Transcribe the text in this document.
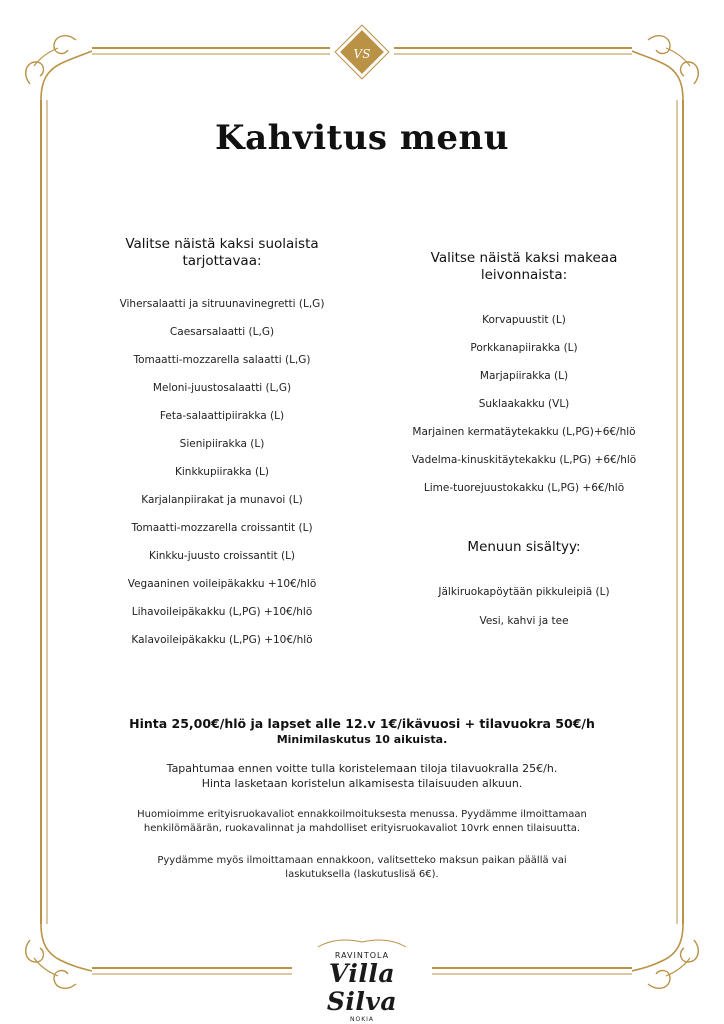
VS
Kahvitus menu

Valitse näistä kaksi suolaista
tarjottavaa:

Vihersalaatti ja sitruunavinegretti (L,G)
Caesarsalaatti (L,G)
Tomaatti-mozzarella salaatti (L,G)
Meloni-juustosalaatti (L,G)
Feta-salaattipiirakka (L)
Sienipiirakka (L)
Kinkkupiirakka (L)
Karjalanpiirakat ja munavoi (L)
Tomaatti-mozzarella croissantit (L)
Kinkku-juusto croissantit (L)
Vegaaninen voileipäkakku +10€/hlö
Lihavoileipäkakku (L,PG) +10€/hlö
Kalavoileipäkakku (L,PG) +10€/hlö

Valitse näistä kaksi makeaa
leivonnaista:

Korvapuustit (L)
Porkkanapiirakka (L)
Marjapiirakka (L)
Suklaakakku (VL)
Marjainen kermatäytekakku (L,PG)+6€/hlö
Vadelma-kinuskitäytekakku (L,PG) +6€/hlö
Lime-tuorejuustokakku (L,PG) +6€/hlö

Menuun sisältyy:

Jälkiruokapöytään pikkuleipiä (L)
Vesi, kahvi ja tee

Hinta 25,00€/hlö ja lapset alle 12.v 1€/ikävuosi + tilavuokra 50€/h

Minimilaskutus 10 aikuista.

Tapahtumaa ennen voitte tulla koristelemaan tiloja tilavuokralla 25€/h.

Hinta lasketaan koristelun alkamisesta tilaisuuden alkuun.

Huomioimme erityisruokavaliot ennakkoilmoituksesta menussa. Pyydämme ilmoittamaan

henkilömäärän, ruokavalinnat ja mahdolliset erityisruokavaliot 10vrk ennen tilaisuutta.

Pyydämme myös ilmoittamaan ennakkoon, valitsetteko maksun paikan päällä vai

laskutuksella (laskutuslisä 6€).

RAVINTOLA
Villa Silva
NOKIA
